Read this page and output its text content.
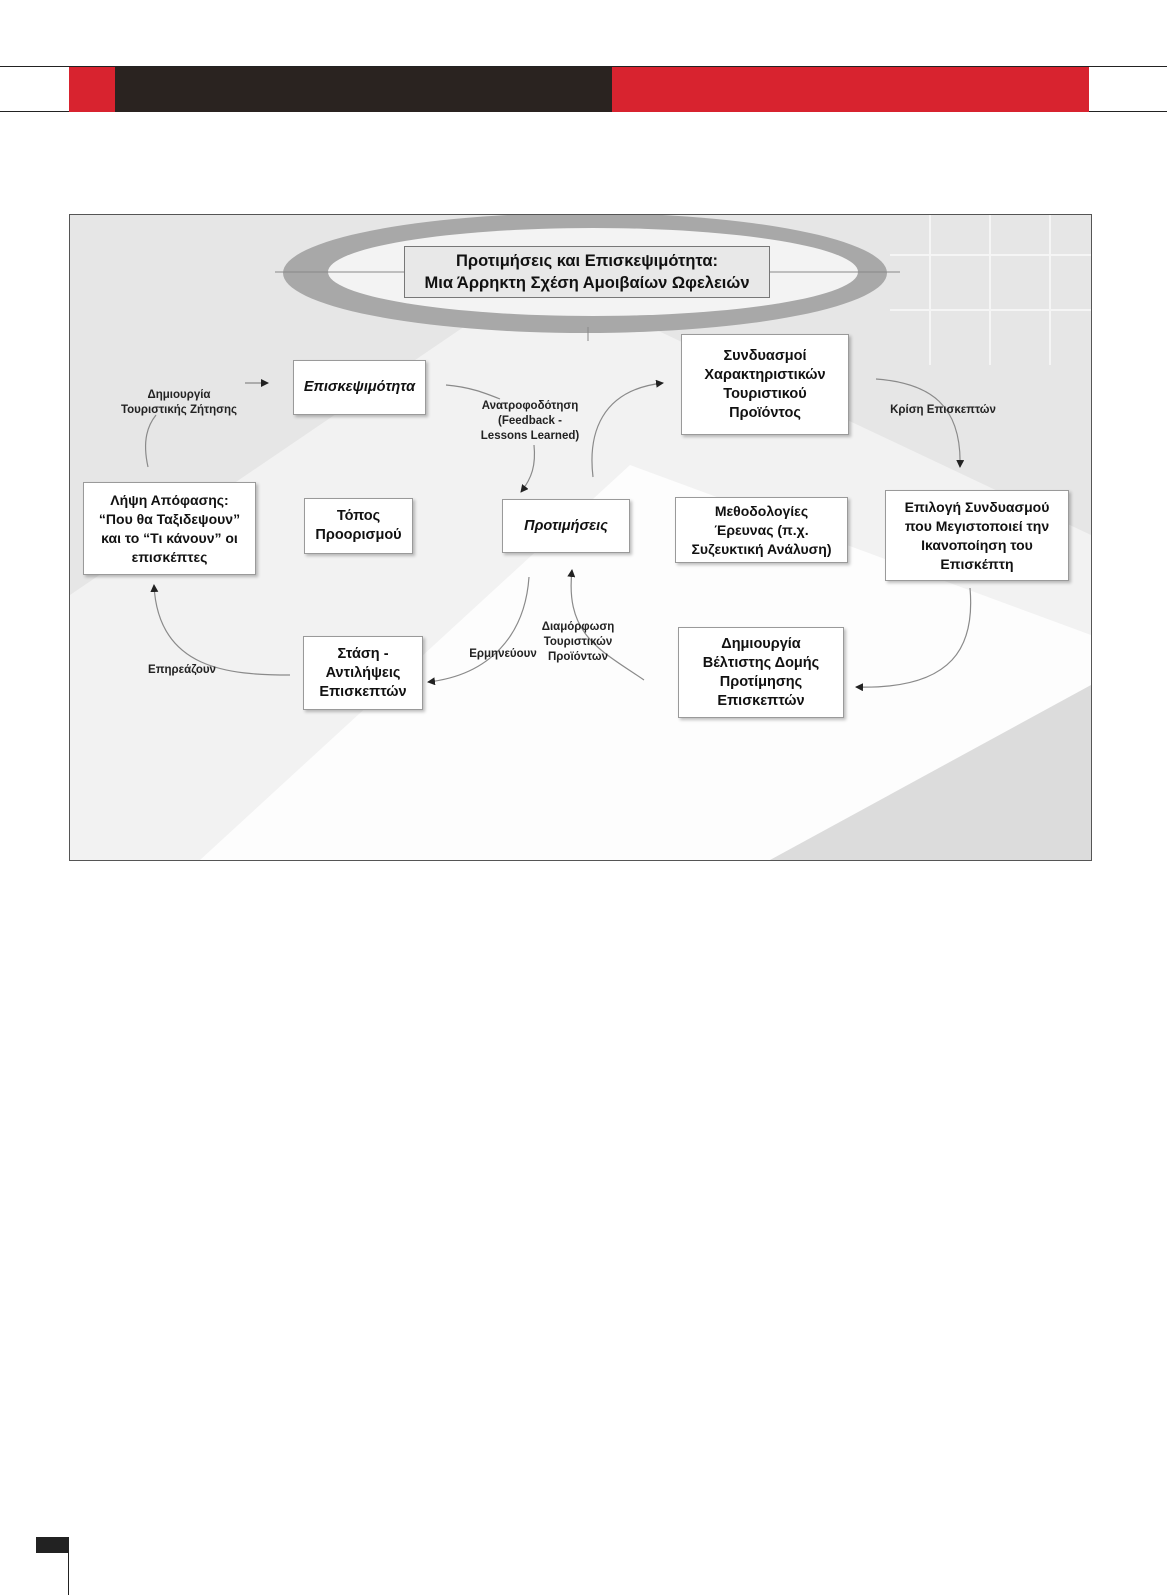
Προτιμήσεις και Επισκεψιμότητα:
Μια Άρρηκτη Σχέση Αμοιβαίων Ωφελειών
Επισκεψιμότητα
Συνδυασμοί
Χαρακτηριστικών
Τουριστικού
Προϊόντος
Λήψη Απόφασης:
“Που θα Ταξιδεψουν”
και το “Τι κάνουν” οι
επισκέπτες
Τόπος
Προορισμού
Προτιμήσεις
Μεθοδολογίες
Έρευνας (π.χ.
Συζευκτική Ανάλυση)
Επιλογή Συνδυασμού
που Μεγιστοποιεί την
Ικανοποίηση του
Επισκέπτη
Στάση -
Αντιλήψεις
Επισκεπτών
Δημιουργία
Βέλτιστης Δομής
Προτίμησης
Επισκεπτών
Δημιουργία
Τουριστικής Ζήτησης	Ανατροφοδότηση
(Feedback -
Lessons Learned)
Κρίση Επισκεπτών
Επηρεάζουν
Ερμηνεύουν
Διαμόρφωση
Τουριστικών
Προϊόντων
